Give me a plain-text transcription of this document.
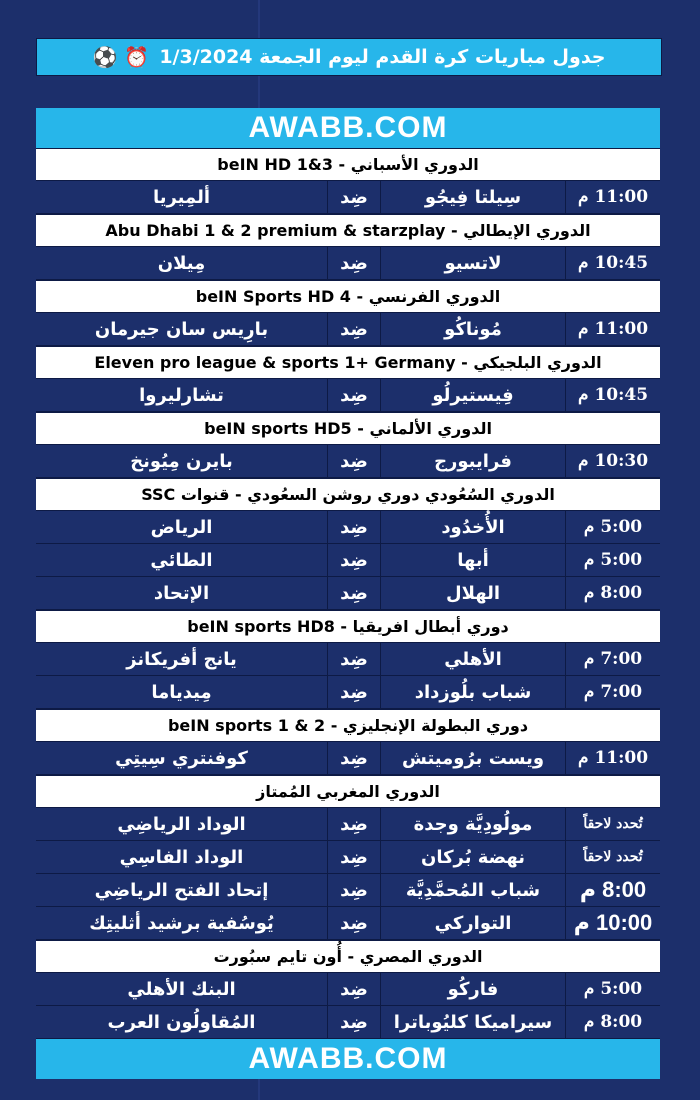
جدول مباريات كرة القدم ليوم الجمعة 1/3/2024
⚽ ⏰
AWABB.COM
الدوري الأسباني - beIN HD 1&3
11:00 م
سِيلتا فِيجُو
ضِد
ألمِيريا
الدوري الإيطالي - Abu Dhabi 1 & 2 premium & starzplay
10:45 م
لاتسيو
ضِد
مِيلان
الدوري الفرنسي - beIN Sports HD 4
11:00 م
مُوناكُو
ضِد
بارِيس سان جيرمان
الدوري البلجيكي - Eleven pro league & sports 1+ Germany
10:45 م
فِيستيرلُو
ضِد
تشارليروا
الدوري الألماني - beIN sports HD5
10:30 م
فرايبورج
ضِد
بايرن مِيُونخ
الدوري السُعُودي دوري روشن السعُودي - قنوات SSC
5:00 م
الأُخدُود
ضِد
الرياض
5:00 م
أبها
ضِد
الطائي
8:00 م
الهلال
ضِد
الإتحاد
دوري أبطال افريقيا - beIN sports HD8
7:00 م
الأهلي
ضِد
يانج أفريكانز
7:00 م
شباب بلُوزداد
ضِد
مِيدياما
دوري البطولة الإنجليزي - beIN sports 1 & 2
11:00 م
ويست برُوميتش
ضِد
كوفنتري سِيتِي
الدوري المغربي المُمتاز
تُحدد لاحقاً
مولُودِيَّة وجدة
ضِد
الوداد الرياضِي
تُحدد لاحقاً
نهضة بُركان
ضِد
الوداد الفاسِي
8:00 م
شباب المُحمَّدِيَّة
ضِد
إتحاد الفتح الرياضِي
10:00 م
التواركي
ضِد
يُوسُفية برشيد أثليتِك
الدوري المصري - أُون تايم سبُورت
5:00 م
فاركُو
ضِد
البنك الأهلي
8:00 م
سيراميكا كليُوباترا
ضِد
المُقاولُون العرب
AWABB.COM
